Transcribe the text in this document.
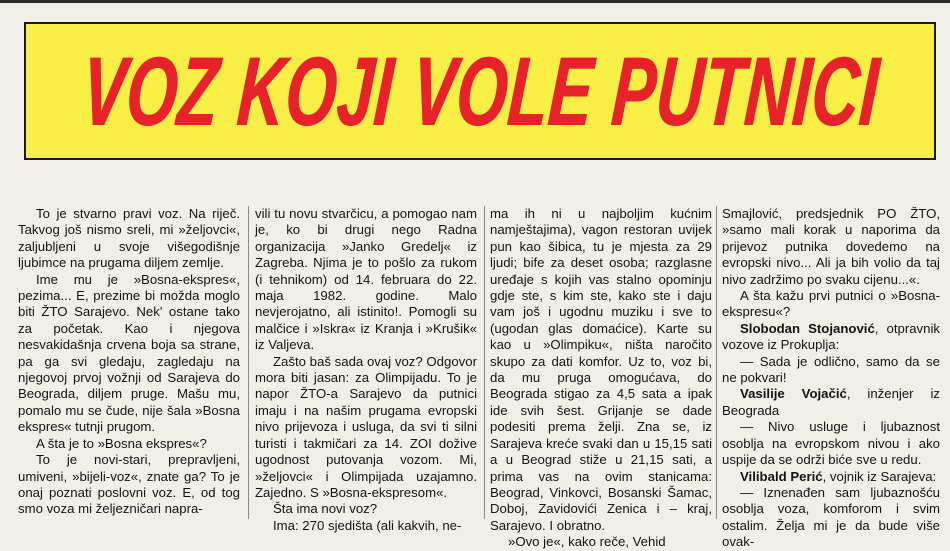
VOZ KOJI VOLE PUTNICI

To je stvarno pravi voz. Na riječ. Takvog još nismo sreli, mi »željovci«, zaljubljeni u svoje višegodišnje ljubimce na prugama diljem zemlje.

Ime mu je »Bosna-ekspres«, pezima... E, prezime bi možda moglo biti ŽTO Sarajevo. Nek' ostane tako za početak. Kao i njegova nesvakidašnja crvena boja sa strane, pa ga svi gledaju, zagledaju na njegovoj prvoj vožnji od Sarajeva do Beograda, diljem pruge. Mašu mu, pomalo mu se čude, nije šala »Bosna ekspres« tutnji prugom.

A šta je to »Bosna ekspres«?

To je novi-stari, prepravljeni, umiveni, »bijeli-voz«, znate ga? To je onaj poznati poslovni voz. E, od tog smo voza mi željezničari napra-

vili tu novu stvarčicu, a pomogao nam je, ko bi drugi nego Radna organizacija »Janko Gredelj« iz Zagreba. Njima je to pošlo za rukom (i tehnikom) od 14. februara do 22. maja 1982. godine. Malo nevjerojatno, ali istinito!. Pomogli su malčice i »Iskra« iz Kranja i »Krušik« iz Valjeva.

Zašto baš sada ovaj voz? Odgovor mora biti jasan: za Olimpijadu. To je napor ŽTO-a Sarajevo da putnici imaju i na našim prugama evropski nivo prijevoza i usluga, da svi ti silni turisti i takmičari za 14. ZOI dožive ugodnost putovanja vozom. Mi, »željovci« i Olimpijada uzajamno. Zajedno. S »Bosna-ekspresom«.

Šta ima novi voz?

Ima: 270 sjedišta (ali kakvih, ne-

ma ih ni u najboljim kućnim namještajima), vagon restoran uvijek pun kao šibica, tu je mjesta za 29 ljudi; bife za deset osoba; razglasne uređaje s kojih vas stalno opominju gdje ste, s kim ste, kako ste i daju vam još i ugodnu muziku i sve to (ugodan glas domaćice). Karte su kao u »Olimpiku«, ništa naročito skupo za dati komfor. Uz to, voz bi, da mu pruga omogućava, do Beograda stigao za 4,5 sata a ipak ide svih šest. Grijanje se dade podesiti prema želji. Zna se, iz Sarajeva kreće svaki dan u 15,15 sati a u Beograd stiže u 21,15 sati, a prima vas na ovim stanicama: Beograd, Vinkovci, Bosanski Šamac, Doboj, Zavidovići Zenica i – kraj, Sarajevo. I obratno.

»Ovo je«, kako reče, Vehid

Smajlović, predsjednik PO ŽTO, »samo mali korak u naporima da prijevoz putnika dovedemo na evropski nivo... Ali ja bih volio da taj nivo zadržimo po svaku cijenu...«.

A šta kažu prvi putnici o »Bosna-ekspresu«?

Slobodan Stojanović, otpravnik vozove iz Prokuplja:

— Sada je odlično, samo da se ne pokvari!

Vasilije Vojačić, inženjer iz Beograda

— Nivo usluge i ljubaznost osoblja na evropskom nivou i ako uspije da se održi biće sve u redu.

Vilibald Perić, vojnik iz Sarajeva:

— Iznenađen sam ljubaznošću osoblja voza, komforom i svim ostalim. Želja mi je da bude više ovak-
